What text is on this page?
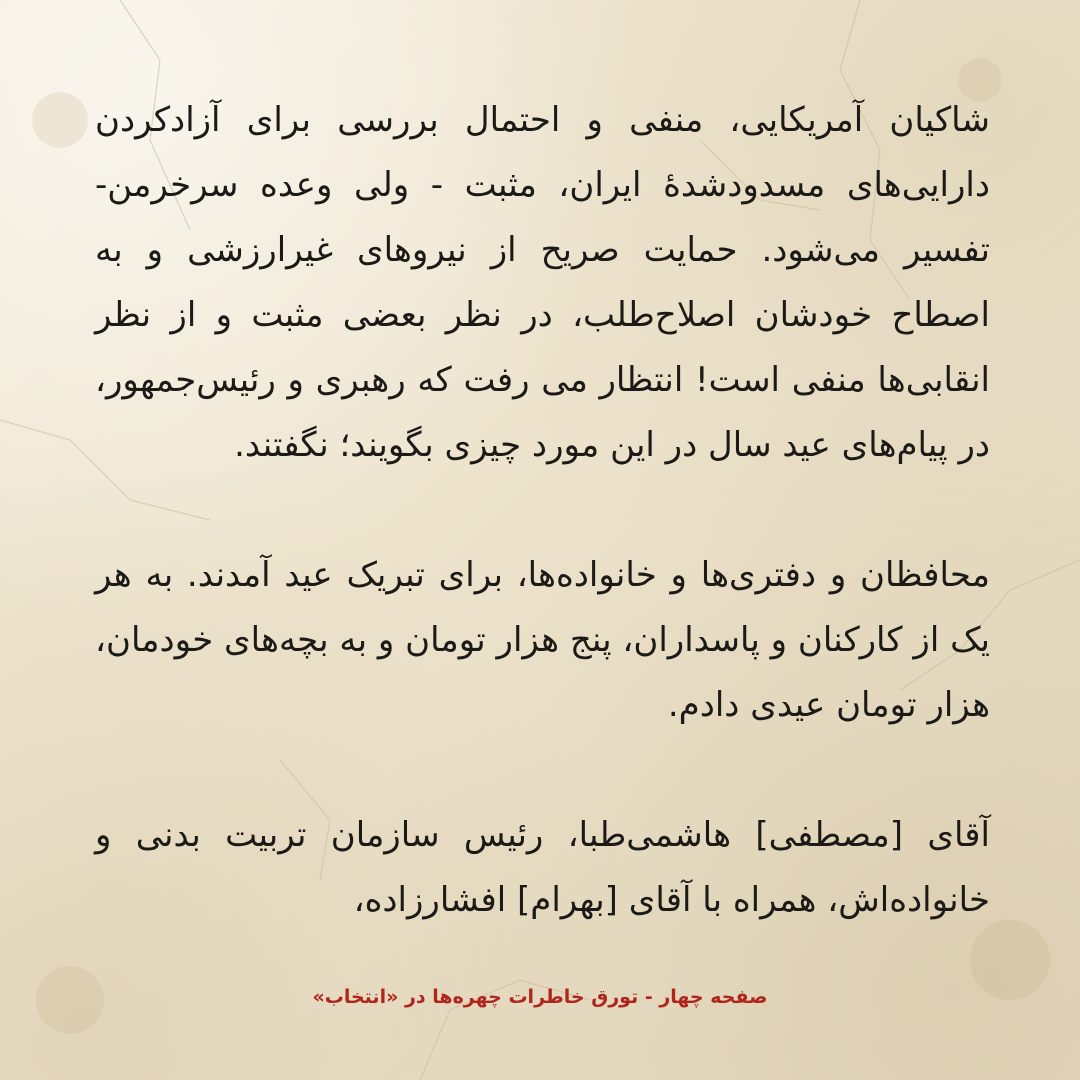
شاکیان آمریکایی، منفی و احتمال بررسی برای آزادکردن دارایی‌های مسدودشدهٔ ایران، مثبت - ولی وعده سرخرمن- تفسیر می‌شود. حمایت صریح از نیروهای غیرارزشی و به اصطاح خودشان اصلاح‌طلب، در نظر بعضی مثبت و از نظر انقابی‌ها منفی است! انتظار می رفت که رهبری و رئیس‌جمهور، در پیام‌های عید سال در این مورد چیزی بگویند؛ نگفتند.

محافظان و دفتری‌ها و خانواده‌ها، برای تبریک عید آمدند. به هر یک از کارکنان و پاسداران، پنج هزار تومان و به بچه‌های خودمان، هزار تومان عیدی دادم.

آقای [مصطفی] هاشمی‌طبا، رئیس سازمان تربیت بدنی و خانواده‌اش، همراه با آقای [بهرام] افشارزاده،

صفحه چهار - تورق خاطرات چهره‌ها در «انتخاب»
